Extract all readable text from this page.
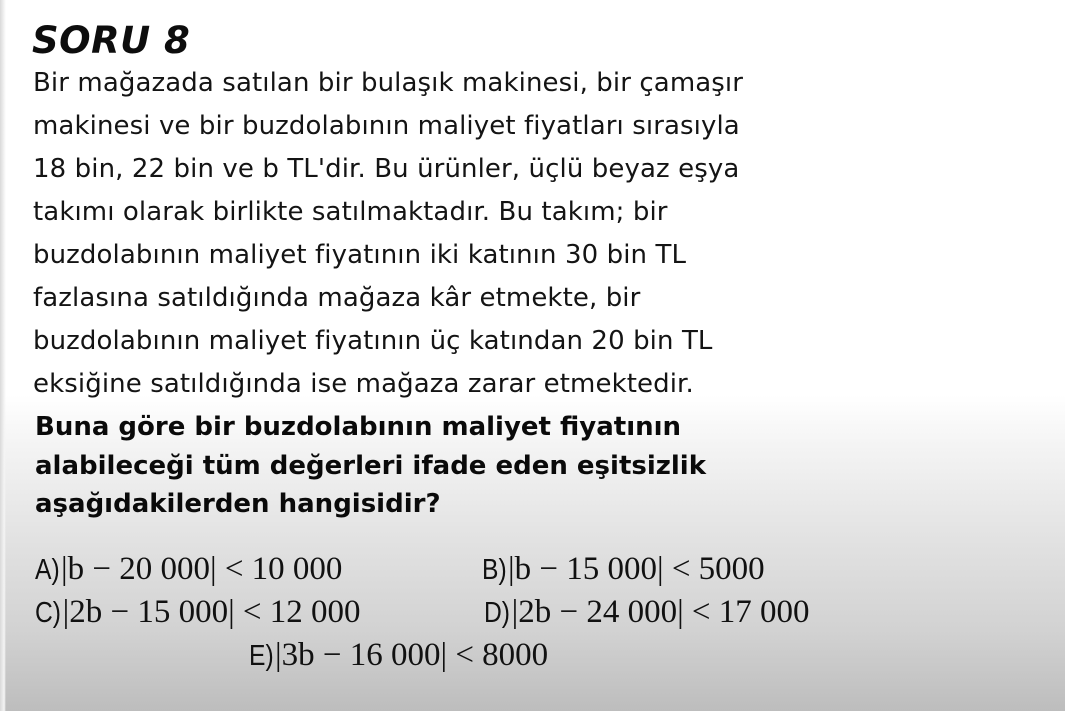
SORU 8
Bir mağazada satılan bir bulaşık makinesi, bir çamaşır
makinesi ve bir buzdolabının maliyet fiyatları sırasıyla
18 bin, 22 bin ve b TL'dir. Bu ürünler, üçlü beyaz eşya
takımı olarak birlikte satılmaktadır. Bu takım; bir
buzdolabının maliyet fiyatının iki katının 30 bin TL
fazlasına satıldığında mağaza kâr etmekte, bir
buzdolabının maliyet fiyatının üç katından 20 bin TL
eksiğine satıldığında ise mağaza zarar etmektedir.
Buna göre bir buzdolabının maliyet fiyatının
alabileceği tüm değerleri ifade eden eşitsizlik
aşağıdakilerden hangisidir?
A) |b − 20 000| < 10 000	B) |b − 15 000| < 5000
C) |2b − 15 000| < 12 000	D) |2b − 24 000| < 17 000
E) |3b − 16 000| < 8000
